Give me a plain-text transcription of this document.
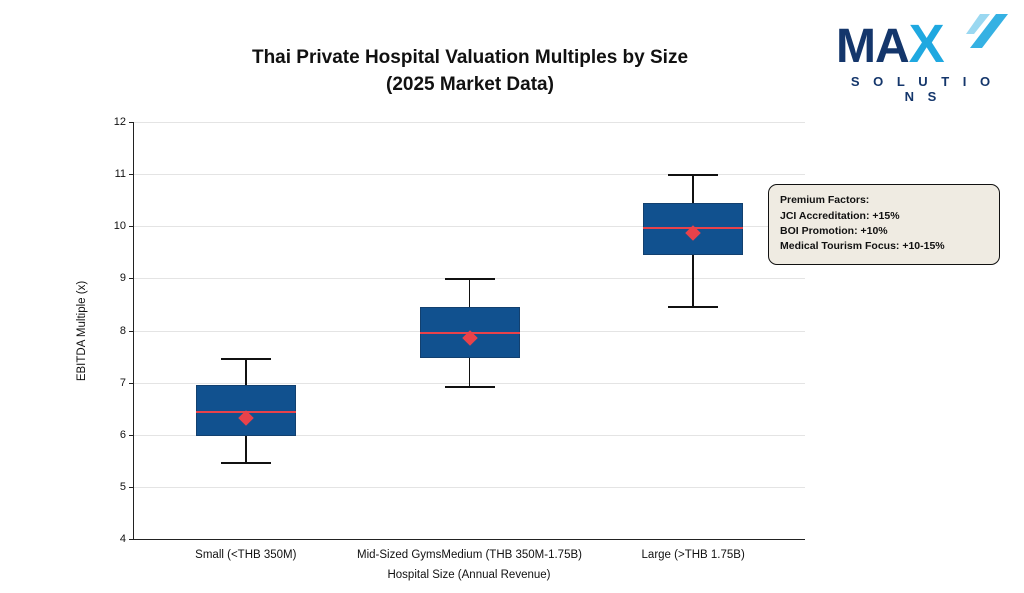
MAX
S O L U T I O N S
Thai Private Hospital Valuation Multiples by Size
(2025 Market Data)
EBITDA Multiple (x)
4
5
6
7
8
9
10
11
12
Small (<THB 350M)	Mid-Sized GymsMedium (THB 350M-1.75B)	Large (>THB 1.75B)
Hospital Size (Annual Revenue)
Premium Factors:
JCI Accreditation: +15%
BOI Promotion: +10%
Medical Tourism Focus: +10-15%
